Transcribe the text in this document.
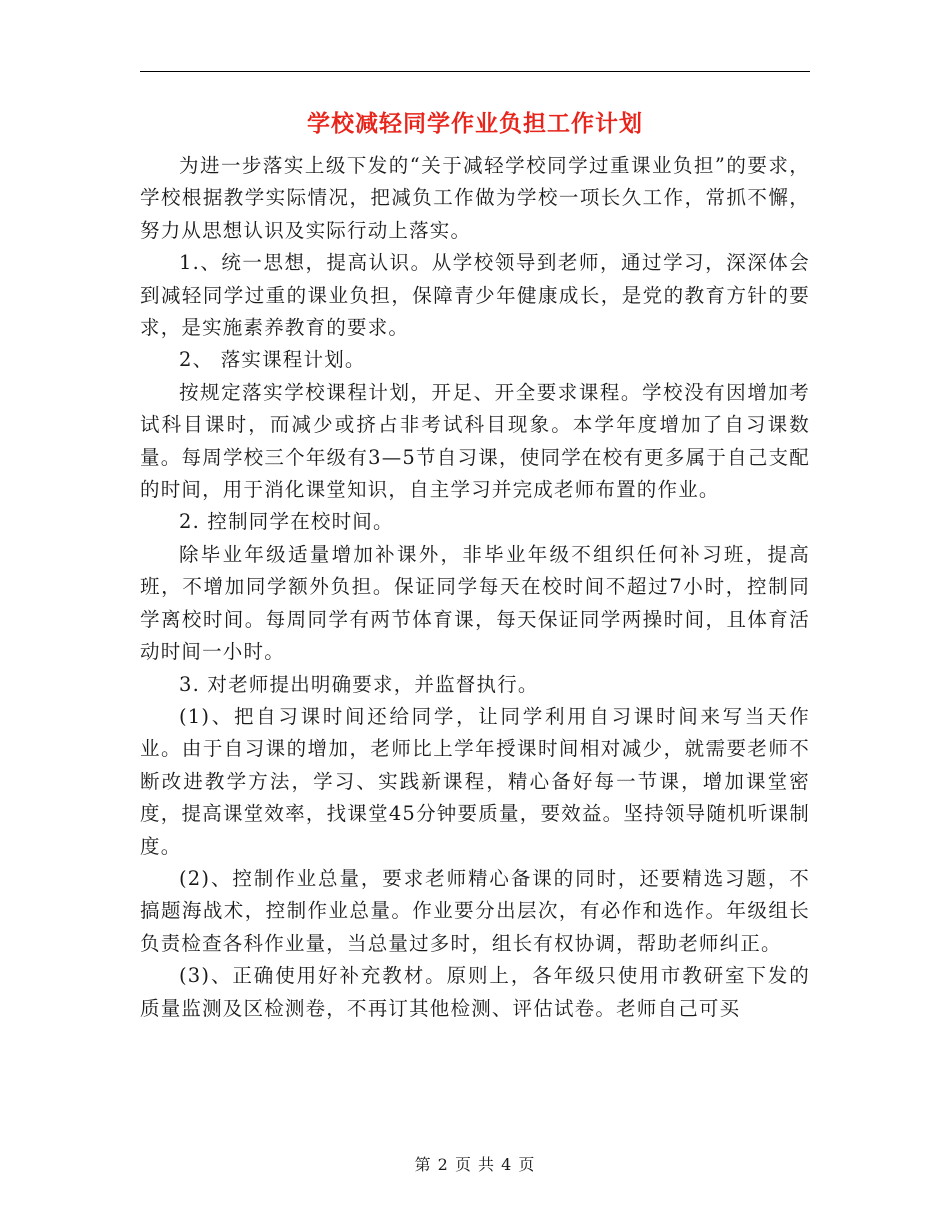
学校减轻同学作业负担工作计划

为进一步落实上级下发的“关于减轻学校同学过重课业负担”的要求，学校根据教学实际情况，把减负工作做为学校一项长久工作，常抓不懈，努力从思想认识及实际行动上落实。

1.、统一思想，提高认识。从学校领导到老师，通过学习，深深体会到减轻同学过重的课业负担，保障青少年健康成长，是党的教育方针的要求，是实施素养教育的要求。

2、 落实课程计划。

按规定落实学校课程计划，开足、开全要求课程。学校没有因增加考试科目课时，而减少或挤占非考试科目现象。本学年度增加了自习课数量。每周学校三个年级有3—5节自习课，使同学在校有更多属于自己支配的时间，用于消化课堂知识，自主学习并完成老师布置的作业。

2. 控制同学在校时间。

除毕业年级适量增加补课外，非毕业年级不组织任何补习班，提高班，不增加同学额外负担。保证同学每天在校时间不超过7小时，控制同学离校时间。每周同学有两节体育课，每天保证同学两操时间，且体育活动时间一小时。

3. 对老师提出明确要求，并监督执行。

(1)、把自习课时间还给同学，让同学利用自习课时间来写当天作业。由于自习课的增加，老师比上学年授课时间相对减少，就需要老师不断改进教学方法，学习、实践新课程，精心备好每一节课，增加课堂密度，提高课堂效率，找课堂45分钟要质量，要效益。坚持领导随机听课制度。

(2)、控制作业总量，要求老师精心备课的同时，还要精选习题，不搞题海战术，控制作业总量。作业要分出层次，有必作和选作。年级组长负责检查各科作业量，当总量过多时，组长有权协调，帮助老师纠正。

(3)、正确使用好补充教材。原则上，各年级只使用市教研室下发的质量监测及区检测卷，不再订其他检测、评估试卷。老师自己可买

第 2 页 共 4 页
